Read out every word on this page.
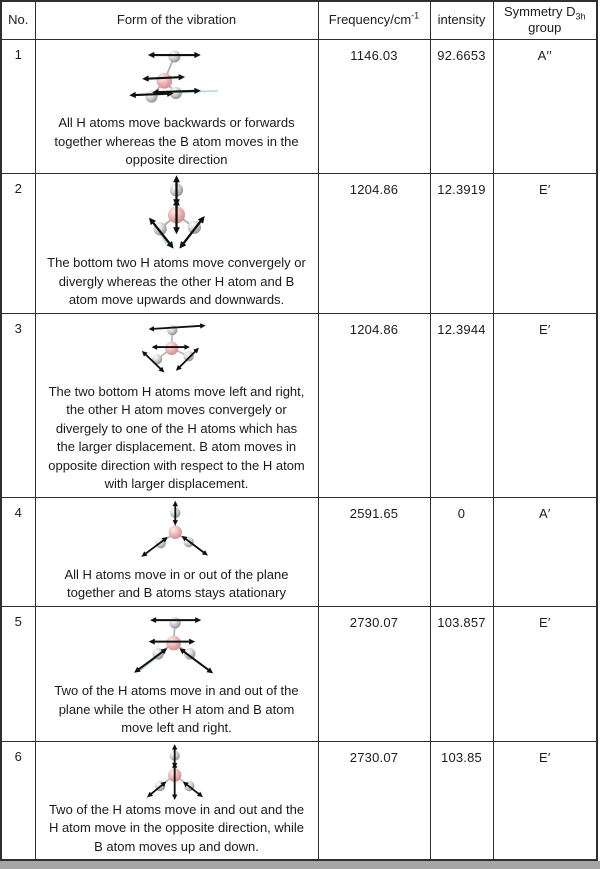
No.	Form of the vibration	Frequency/$cm^{-1}$	intensity	Symmetry $D_{3h}$ group
1	All H atoms move backwards or forwards together whereas the B atom moves in the opposite direction	1146.03	92.6653	A′′
2	The bottom two H atoms move convergely or divergly whereas the other H atom and B atom move upwards and downwards.	1204.86	12.3919	E′
3	The two bottom H atoms move left and right, the other H atom moves convergely or divergely to one of the H atoms which has the larger displacement. B atom moves in opposite direction with respect to the H atom with larger displacement.	1204.86	12.3944	E′
4	All H atoms move in or out of the plane together and B atoms stays atationary	2591.65	0	A′
5	Two of the H atoms move in and out of the plane while the other H atom and B atom move left and right.	2730.07	103.857	E′
6	Two of the H atoms move in and out and the H atom move in the opposite direction, while B atom moves up and down.	2730.07	103.85	E′
